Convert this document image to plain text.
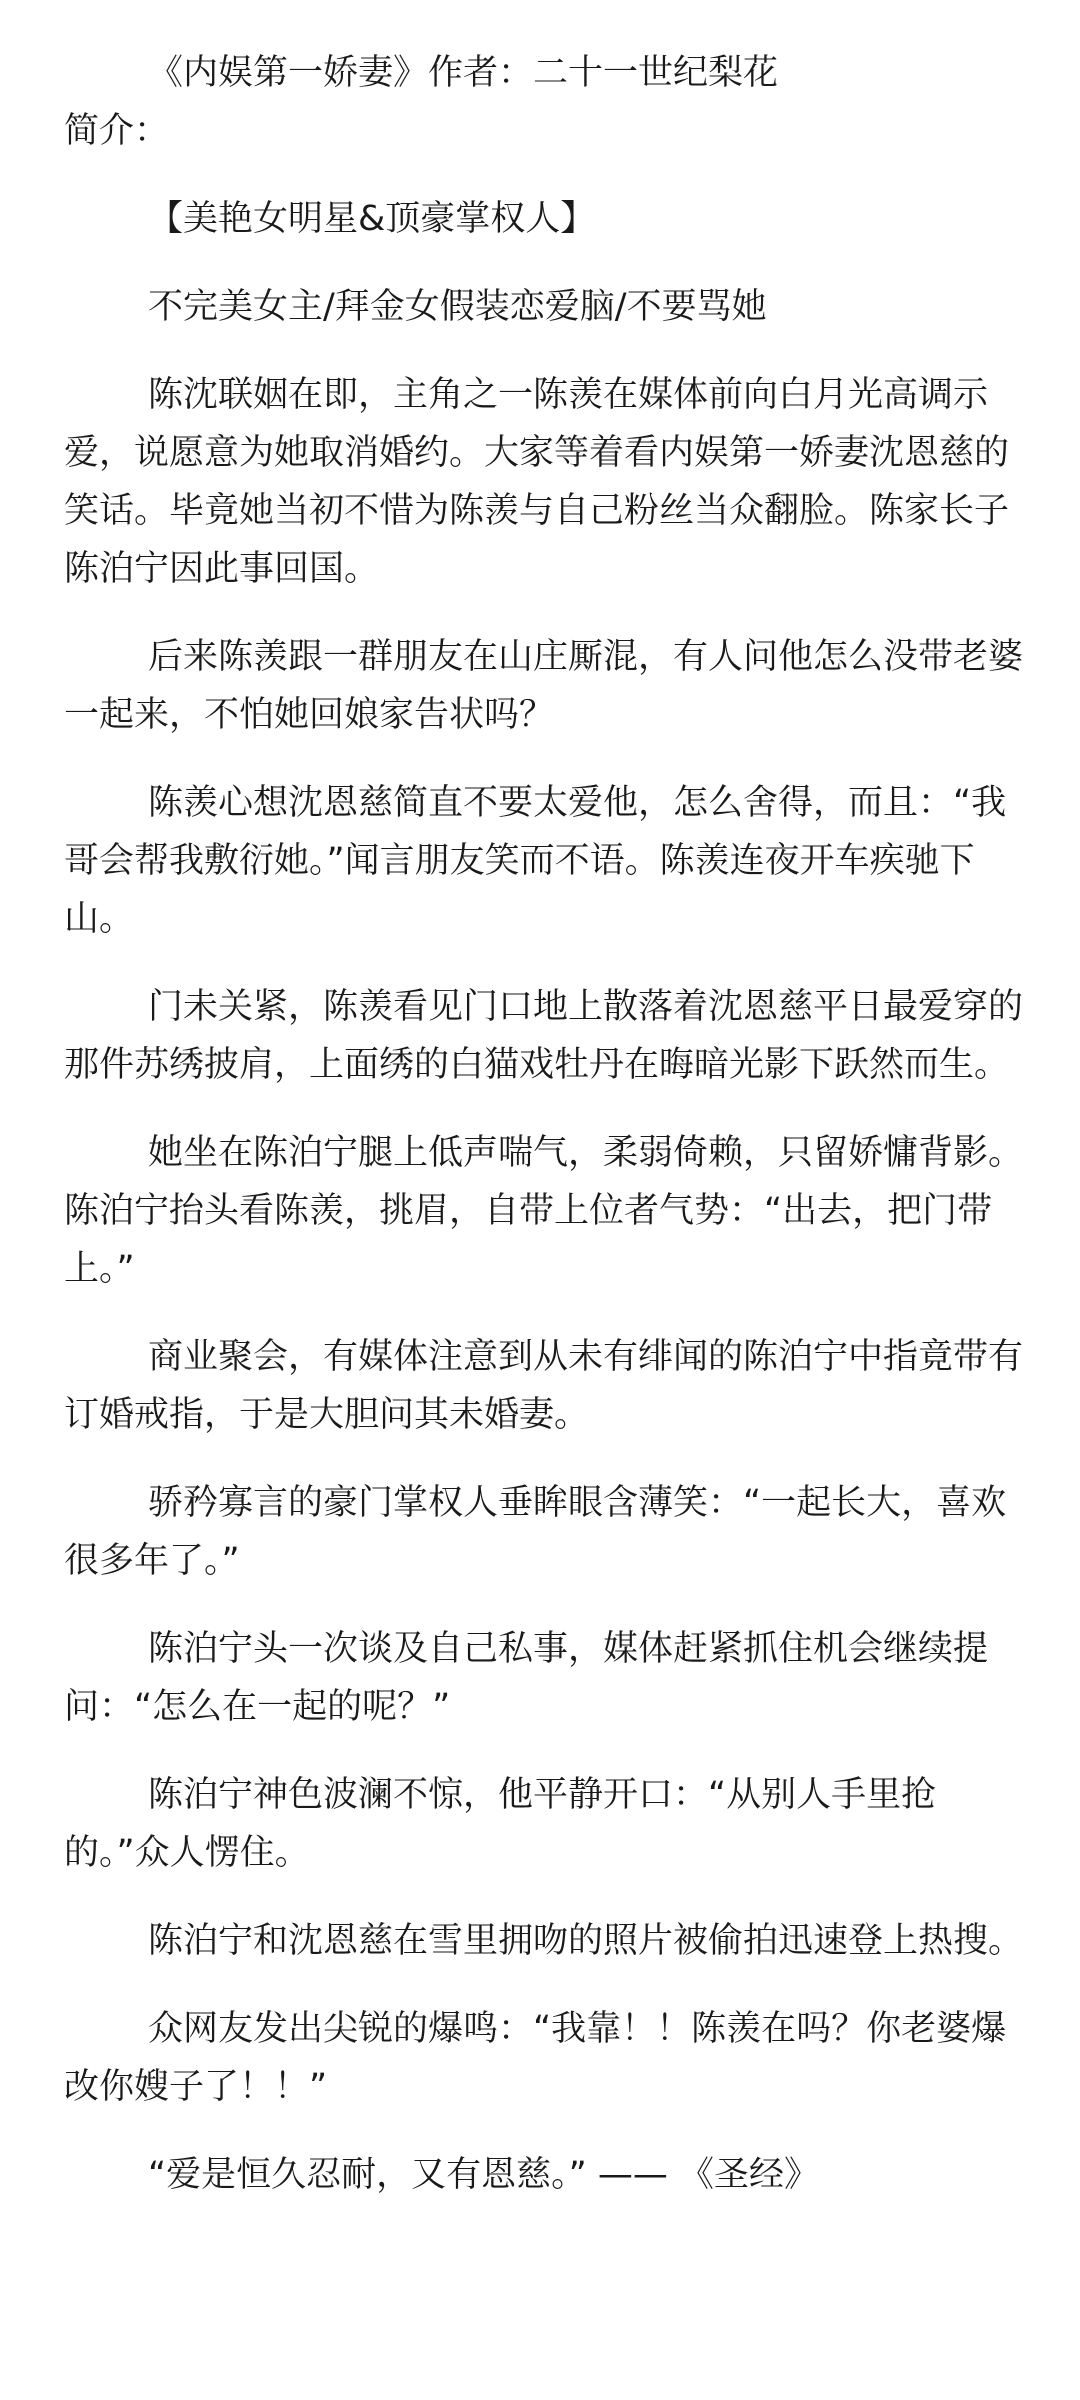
《内娱第一娇妻》作者：二十一世纪梨花

简介：

【美艳女明星&顶豪掌权人】

不完美女主/拜金女假装恋爱脑/不要骂她

陈沈联姻在即，主角之一陈羡在媒体前向白月光高调示爱，说愿意为她取消婚约。大家等着看内娱第一娇妻沈恩慈的笑话。毕竟她当初不惜为陈羡与自己粉丝当众翻脸。陈家长子陈泊宁因此事回国。

后来陈羡跟一群朋友在山庄厮混，有人问他怎么没带老婆一起来，不怕她回娘家告状吗？

陈羡心想沈恩慈简直不要太爱他，怎么舍得，而且：“我哥会帮我敷衍她。”闻言朋友笑而不语。陈羡连夜开车疾驰下山。

门未关紧，陈羡看见门口地上散落着沈恩慈平日最爱穿的那件苏绣披肩，上面绣的白猫戏牡丹在晦暗光影下跃然而生。

她坐在陈泊宁腿上低声喘气，柔弱倚赖，只留娇慵背影。陈泊宁抬头看陈羡，挑眉，自带上位者气势：“出去，把门带上。”

商业聚会，有媒体注意到从未有绯闻的陈泊宁中指竟带有订婚戒指，于是大胆问其未婚妻。

骄矜寡言的豪门掌权人垂眸眼含薄笑：“一起长大，喜欢很多年了。”

陈泊宁头一次谈及自己私事，媒体赶紧抓住机会继续提问：“怎么在一起的呢？”

陈泊宁神色波澜不惊，他平静开口：“从别人手里抢的。”众人愣住。

陈泊宁和沈恩慈在雪里拥吻的照片被偷拍迅速登上热搜。

众网友发出尖锐的爆鸣：“我靠！！陈羡在吗？你老婆爆改你嫂子了！！”

“爱是恒久忍耐，又有恩慈。” —— 《圣经》
